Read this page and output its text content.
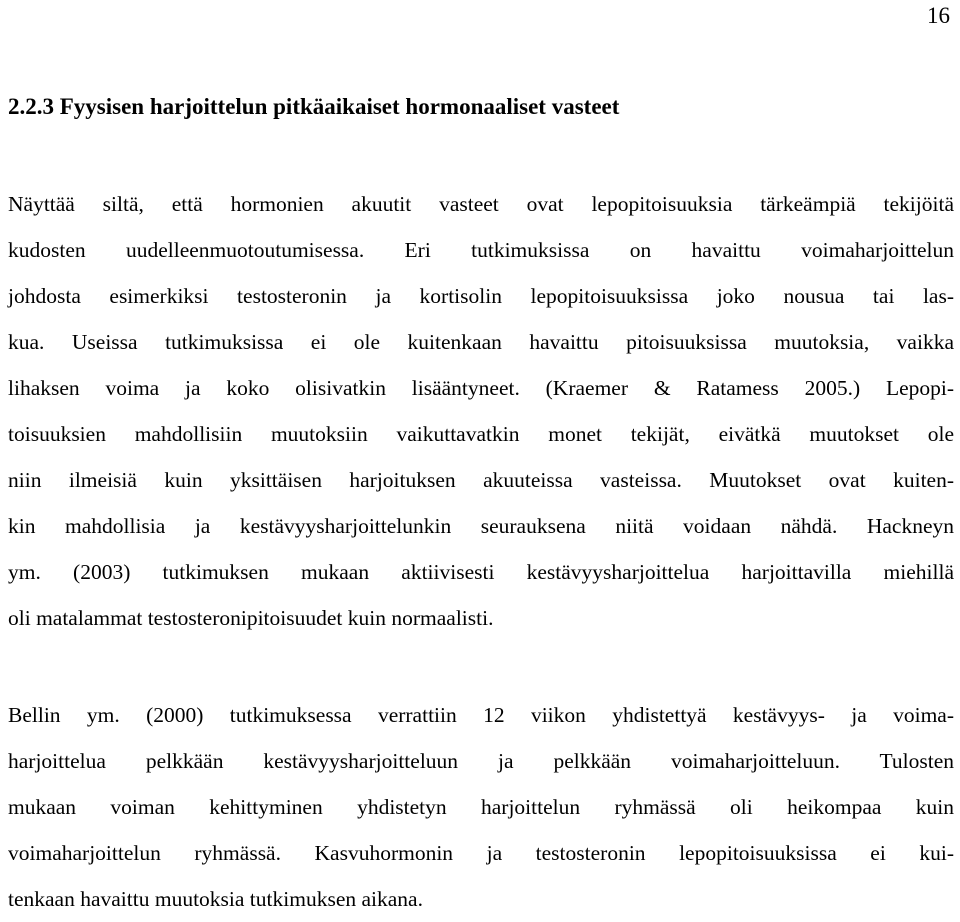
16
2.2.3 Fyysisen harjoittelun pitkäaikaiset hormonaaliset vasteet
Näyttää siltä, että hormonien akuutit vasteet ovat lepopitoisuuksia tärkeämpiä tekijöitä
kudosten uudelleenmuotoutumisessa. Eri tutkimuksissa on havaittu voimaharjoittelun
johdosta esimerkiksi testosteronin ja kortisolin lepopitoisuuksissa joko nousua tai las-
kua. Useissa tutkimuksissa ei ole kuitenkaan havaittu pitoisuuksissa muutoksia, vaikka
lihaksen voima ja koko olisivatkin lisääntyneet. (Kraemer & Ratamess 2005.) Lepopi-
toisuuksien mahdollisiin muutoksiin vaikuttavatkin monet tekijät, eivätkä muutokset ole
niin ilmeisiä kuin yksittäisen harjoituksen akuuteissa vasteissa. Muutokset ovat kuiten-
kin mahdollisia ja kestävyysharjoittelunkin seurauksena niitä voidaan nähdä. Hackneyn
ym. (2003) tutkimuksen mukaan aktiivisesti kestävyysharjoittelua harjoittavilla miehillä
oli matalammat testosteronipitoisuudet kuin normaalisti.
Bellin ym. (2000) tutkimuksessa verrattiin 12 viikon yhdistettyä kestävyys- ja voima-
harjoittelua pelkkään kestävyysharjoitteluun ja pelkkään voimaharjoitteluun. Tulosten
mukaan voiman kehittyminen yhdistetyn harjoittelun ryhmässä oli heikompaa kuin
voimaharjoittelun ryhmässä. Kasvuhormonin ja testosteronin lepopitoisuuksissa ei kui-
tenkaan havaittu muutoksia tutkimuksen aikana.
